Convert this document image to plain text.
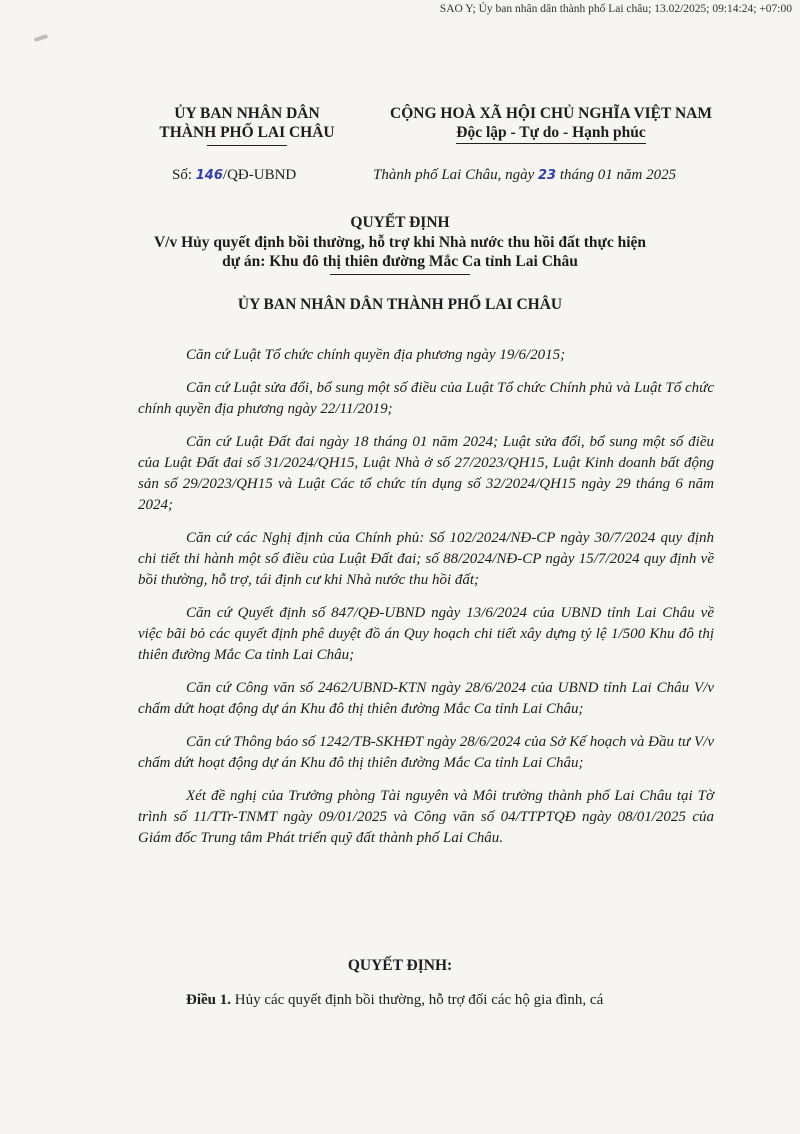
SAO Y; Ủy ban nhân dân thành phố Lai châu; 13.02/2025; 09:14:24; +07:00
ỦY BAN NHÂN DÂN
THÀNH PHỐ LAI CHÂU
CỘNG HOÀ XÃ HỘI CHỦ NGHĨA VIỆT NAM
Độc lập - Tự do - Hạnh phúc
Số: 146/QĐ-UBND	Thành phố Lai Châu, ngày 23 tháng 01 năm 2025
QUYẾT ĐỊNH
V/v Hủy quyết định bồi thường, hỗ trợ khi Nhà nước thu hồi đất thực hiện
dự án: Khu đô thị thiên đường Mắc Ca tỉnh Lai Châu
ỦY BAN NHÂN DÂN THÀNH PHỐ LAI CHÂU

Căn cứ Luật Tổ chức chính quyền địa phương ngày 19/6/2015;

Căn cứ Luật sửa đổi, bổ sung một số điều của Luật Tổ chức Chính phủ và Luật Tổ chức chính quyền địa phương ngày 22/11/2019;

Căn cứ Luật Đất đai ngày 18 tháng 01 năm 2024; Luật sửa đổi, bổ sung một số điều của Luật Đất đai số 31/2024/QH15, Luật Nhà ở số 27/2023/QH15, Luật Kinh doanh bất động sản số 29/2023/QH15 và Luật Các tổ chức tín dụng số 32/2024/QH15 ngày 29 tháng 6 năm 2024;

Căn cứ các Nghị định của Chính phủ: Số 102/2024/NĐ-CP ngày 30/7/2024 quy định chi tiết thi hành một số điều của Luật Đất đai; số 88/2024/NĐ-CP ngày 15/7/2024 quy định về bồi thường, hỗ trợ, tái định cư khi Nhà nước thu hồi đất;

Căn cứ Quyết định số 847/QĐ-UBND ngày 13/6/2024 của UBND tỉnh Lai Châu về việc bãi bỏ các quyết định phê duyệt đồ án Quy hoạch chi tiết xây dựng tỷ lệ 1/500 Khu đô thị thiên đường Mắc Ca tỉnh Lai Châu;

Căn cứ Công văn số 2462/UBND-KTN ngày 28/6/2024 của UBND tỉnh Lai Châu V/v chấm dứt hoạt động dự án Khu đô thị thiên đường Mắc Ca tỉnh Lai Châu;

Căn cứ Thông báo số 1242/TB-SKHĐT ngày 28/6/2024 của Sở Kế hoạch và Đầu tư V/v chấm dứt hoạt động dự án Khu đô thị thiên đường Mắc Ca tỉnh Lai Châu;

Xét đề nghị của Trưởng phòng Tài nguyên và Môi trường thành phố Lai Châu tại Tờ trình số 11/TTr-TNMT ngày 09/01/2025 và Công văn số 04/TTPTQĐ ngày 08/01/2025 của Giám đốc Trung tâm Phát triển quỹ đất thành phố Lai Châu.

QUYẾT ĐỊNH:

Điều 1. Hủy các quyết định bồi thường, hỗ trợ đối các hộ gia đình, cá
